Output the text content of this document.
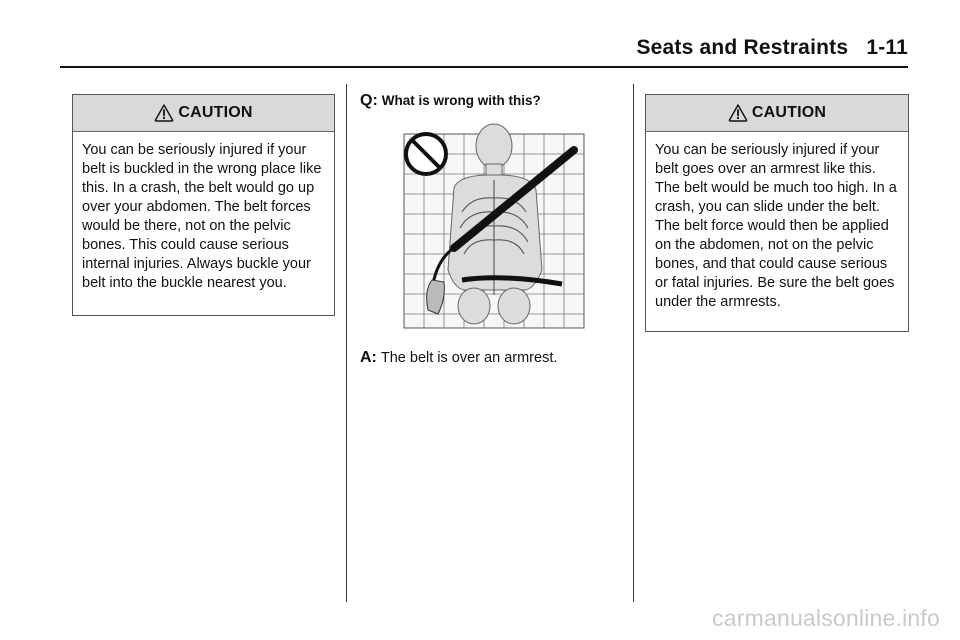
Seats and Restraints 1-11
CAUTION
You can be seriously injured if your belt is buckled in the wrong place like this. In a crash, the belt would go up over your abdomen. The belt forces would be there, not on the pelvic bones. This could cause serious internal injuries. Always buckle your belt into the buckle nearest you.
Q: What is wrong with this?
A: The belt is over an armrest.
CAUTION
You can be seriously injured if your belt goes over an armrest like this. The belt would be much too high. In a crash, you can slide under the belt. The belt force would then be applied on the abdomen, not on the pelvic bones, and that could cause serious or fatal injuries. Be sure the belt goes under the armrests.
carmanualsonline.info
